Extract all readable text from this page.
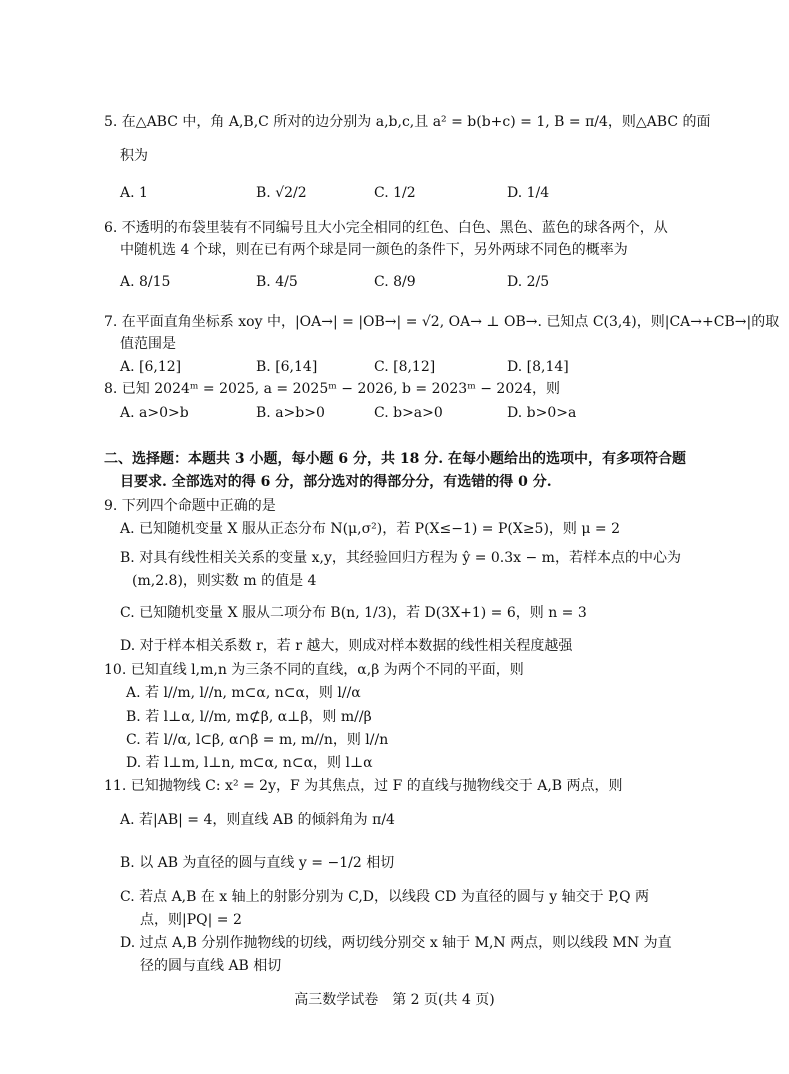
5. 在△ABC 中，角 A,B,C 所对的边分别为 a,b,c,且 a² = b(b+c) = 1, B = π/4，则△ABC 的面
积为
A. 1	B. √2/2	C. 1/2	D. 1/4
6. 不透明的布袋里装有不同编号且大小完全相同的红色、白色、黑色、蓝色的球各两个，从
中随机选 4 个球，则在已有两个球是同一颜色的条件下，另外两球不同色的概率为
A. 8/15	B. 4/5	C. 8/9	D. 2/5
7. 在平面直角坐标系 xoy 中，|OA→| = |OB→| = √2, OA→ ⊥ OB→. 已知点 C(3,4)，则|CA→+CB→|的取
值范围是
A. [6,12]	B. [6,14]	C. [8,12]	D. [8,14]
8. 已知 2024ᵐ = 2025, a = 2025ᵐ − 2026, b = 2023ᵐ − 2024，则
A. a>0>b	B. a>b>0	C. b>a>0	D. b>0>a
二、选择题：本题共 3 小题，每小题 6 分，共 18 分. 在每小题给出的选项中，有多项符合题
目要求. 全部选对的得 6 分，部分选对的得部分分，有选错的得 0 分.
9. 下列四个命题中正确的是
A. 已知随机变量 X 服从正态分布 N(μ,σ²)，若 P(X≤−1) = P(X≥5)，则 μ = 2
B. 对具有线性相关关系的变量 x,y，其经验回归方程为 ŷ = 0.3x − m，若样本点的中心为
(m,2.8)，则实数 m 的值是 4
C. 已知随机变量 X 服从二项分布 B(n, 1/3)，若 D(3X+1) = 6，则 n = 3
D. 对于样本相关系数 r，若 r 越大，则成对样本数据的线性相关程度越强
10. 已知直线 l,m,n 为三条不同的直线，α,β 为两个不同的平面，则
A. 若 l//m, l//n, m⊂α, n⊂α，则 l//α
B. 若 l⊥α, l//m, m⊄β, α⊥β，则 m//β
C. 若 l//α, l⊂β, α∩β = m, m//n，则 l//n
D. 若 l⊥m, l⊥n, m⊂α, n⊂α，则 l⊥α
11. 已知抛物线 C: x² = 2y，F 为其焦点，过 F 的直线与抛物线交于 A,B 两点，则
A. 若|AB| = 4，则直线 AB 的倾斜角为 π/4
B. 以 AB 为直径的圆与直线 y = −1/2 相切
C. 若点 A,B 在 x 轴上的射影分别为 C,D，以线段 CD 为直径的圆与 y 轴交于 P,Q 两
点，则|PQ| = 2
D. 过点 A,B 分别作抛物线的切线，两切线分别交 x 轴于 M,N 两点，则以线段 MN 为直
径的圆与直线 AB 相切
高三数学试卷　第 2 页(共 4 页)
